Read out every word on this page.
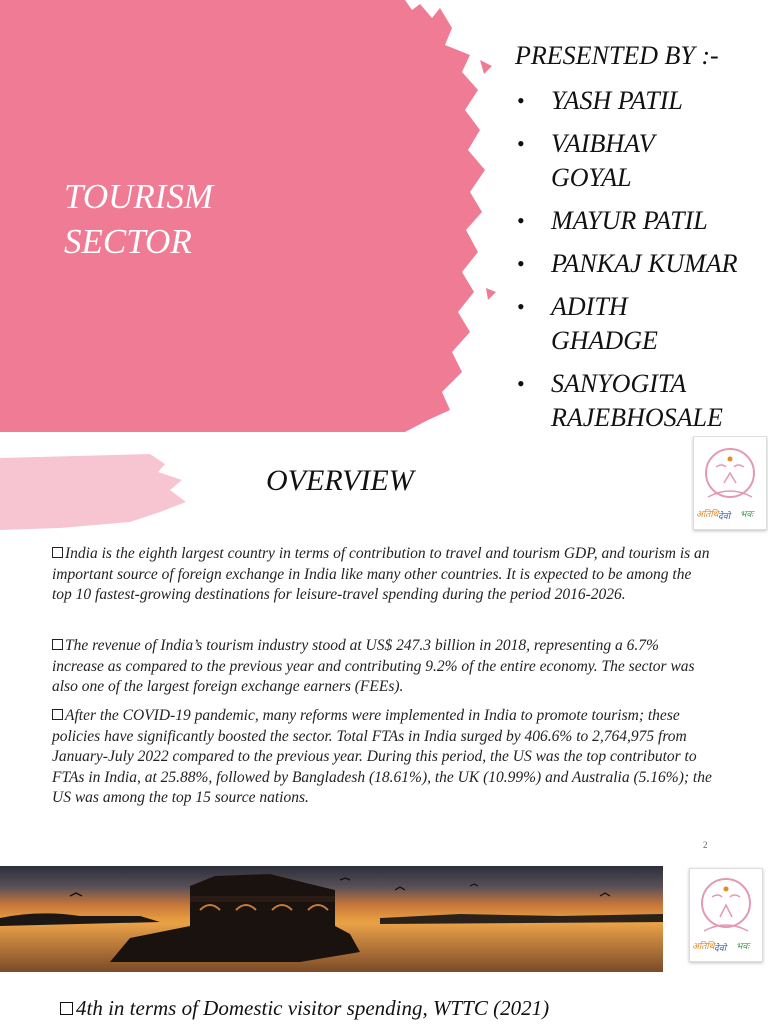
TOURISM
SECTOR
PRESENTED BY :-
• YASH PATIL
• VAIBHAV
GOYAL
• MAYUR PATIL
• PANKAJ KUMAR
• ADITH
GHADGE
• SANYOGITA
RAJEBHOSALE
OVERVIEW
अतिथि देवो भवः
India is the eighth largest country in terms of contribution to travel and tourism GDP, and tourism is an important source of foreign exchange in India like many other countries. It is expected to be among the top 10 fastest-growing destinations for leisure-travel spending during the period 2016-2026.
The revenue of India’s tourism industry stood at US$ 247.3 billion in 2018, representing a 6.7% increase as compared to the previous year and contributing 9.2% of the entire economy. The sector was also one of the largest foreign exchange earners (FEEs).
After the COVID-19 pandemic, many reforms were implemented in India to promote tourism; these policies have significantly boosted the sector. Total FTAs in India surged by 406.6% to 2,764,975 from January-July 2022 compared to the previous year. During this period, the US was the top contributor to FTAs in India, at 25.88%, followed by Bangladesh (18.61%), the UK (10.99%) and Australia (5.16%); the US was among the top 15 source nations.
2
अतिथि देवो भवः
4th in terms of Domestic visitor spending, WTTC (2021)
